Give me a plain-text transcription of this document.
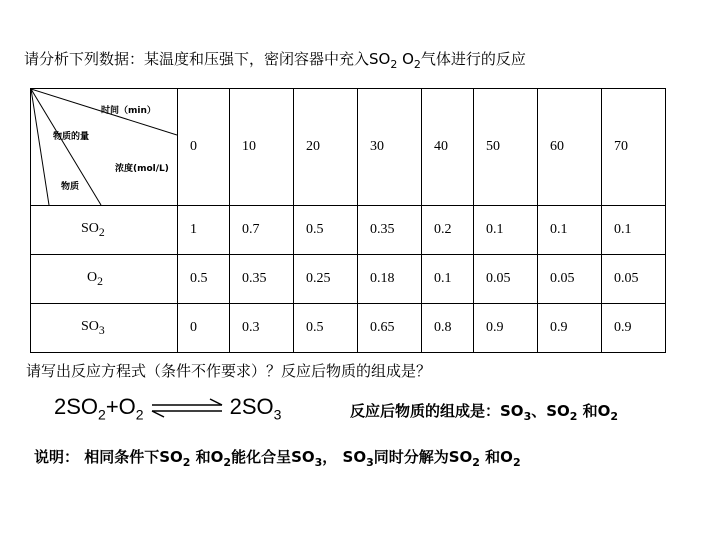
请分析下列数据：某温度和压强下，密闭容器中充入$SO_2$ $O_2$气体进行的反应
时间（min）
物质的量
浓度(mol/L)
物质	0	10	20	30	40	50	60	70
$SO_2$	1	0.7	0.5	0.35	0.2	0.1	0.1	0.1
$O_2$	0.5	0.35	0.25	0.18	0.1	0.05	0.05	0.05
$SO_3$	0	0.3	0.5	0.65	0.8	0.9	0.9	0.9
请写出反应方程式（条件不作要求）？反应后物质的组成是？
$2SO_2+O_2$ ⇌ $2SO_3$	反应后物质的组成是：$SO_3$、$SO_2$ 和$O_2$
说明： 相同条件下$SO_2$ 和$O_2$能化合呈$SO_3$， $SO_3$同时分解为$SO_2$ 和$O_2$
